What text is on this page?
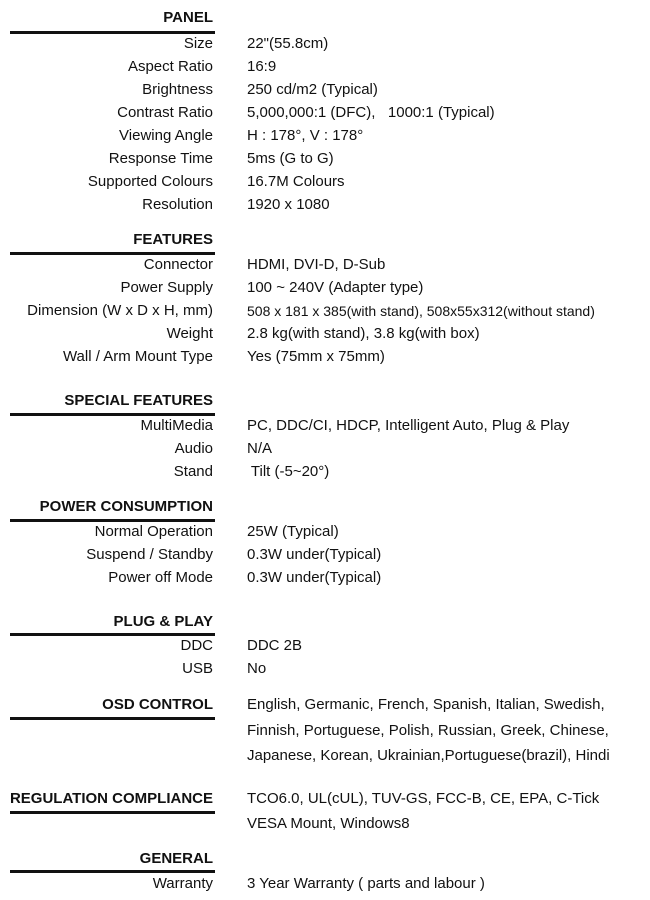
PANEL
Size 22"(55.8cm)
Aspect Ratio 16:9
Brightness 250 cd/m2 (Typical)
Contrast Ratio 5,000,000:1 (DFC),   1000:1 (Typical)
Viewing Angle H : 178°, V : 178°
Response Time 5ms (G to G)
Supported Colours 16.7M Colours
Resolution 1920 x 1080
FEATURES
Connector HDMI, DVI-D, D-Sub
Power Supply 100 ~ 240V (Adapter type)
Dimension (W x D x H, mm) 508 x 181 x 385(with stand), 508x55x312(without stand)
Weight 2.8 kg(with stand), 3.8 kg(with box)
Wall / Arm Mount Type Yes (75mm x 75mm)
SPECIAL FEATURES
MultiMedia PC, DDC/CI, HDCP, Intelligent Auto, Plug & Play
Audio N/A
Stand Tilt (-5~20°)
POWER CONSUMPTION
Normal Operation 25W (Typical)
Suspend / Standby 0.3W under(Typical)
Power off Mode 0.3W under(Typical)
PLUG & PLAY
DDC DDC 2B
USB No
OSD CONTROL English, Germanic, French, Spanish, Italian, Swedish,
Finnish, Portuguese, Polish, Russian, Greek, Chinese,
Japanese, Korean, Ukrainian,Portuguese(brazil), Hindi
REGULATION COMPLIANCE TCO6.0, UL(cUL), TUV-GS, FCC-B, CE, EPA, C-Tick
VESA Mount, Windows8
GENERAL
Warranty 3 Year Warranty ( parts and labour )
